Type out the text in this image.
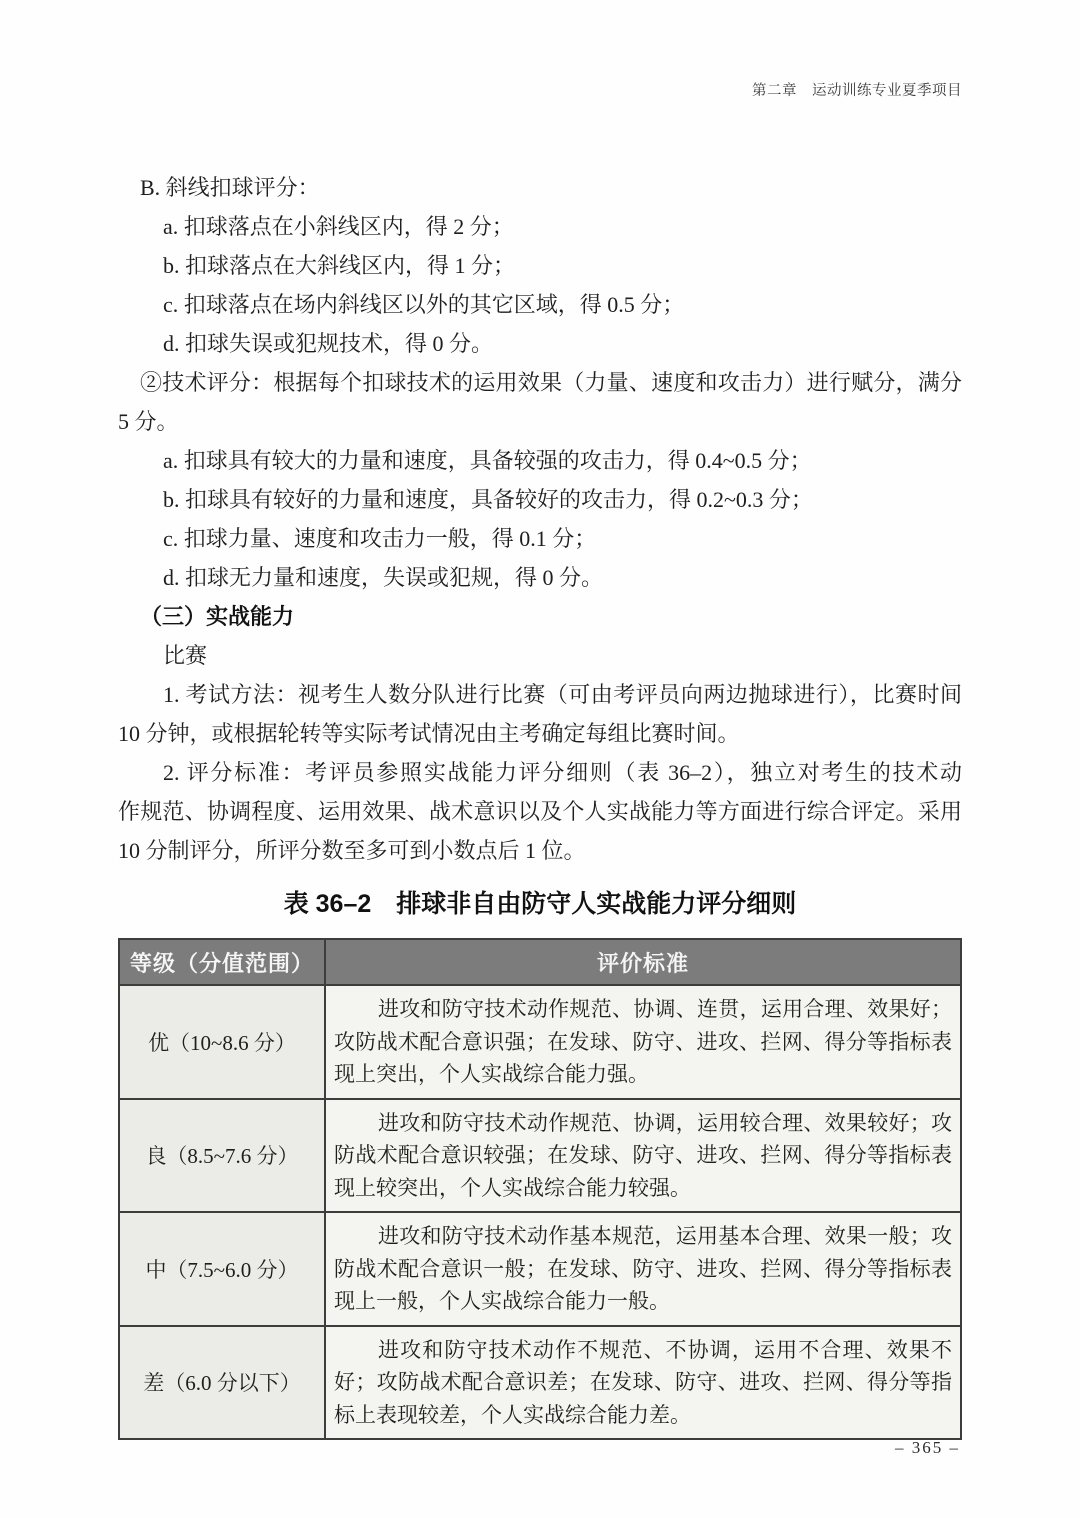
第二章　运动训练专业夏季项目
B. 斜线扣球评分：
a. 扣球落点在小斜线区内，得 2 分；
b. 扣球落点在大斜线区内，得 1 分；
c. 扣球落点在场内斜线区以外的其它区域，得 0.5 分；
d. 扣球失误或犯规技术，得 0 分。
②技术评分：根据每个扣球技术的运用效果（力量、速度和攻击力）进行赋分，满分
5 分。
a. 扣球具有较大的力量和速度，具备较强的攻击力，得 0.4~0.5 分；
b. 扣球具有较好的力量和速度，具备较好的攻击力，得 0.2~0.3 分；
c. 扣球力量、速度和攻击力一般，得 0.1 分；
d. 扣球无力量和速度，失误或犯规，得 0 分。
（三）实战能力
比赛
1. 考试方法：视考生人数分队进行比赛（可由考评员向两边抛球进行），比赛时间
10 分钟，或根据轮转等实际考试情况由主考确定每组比赛时间。
2. 评分标准：考评员参照实战能力评分细则（表 36–2），独立对考生的技术动
作规范、协调程度、运用效果、战术意识以及个人实战能力等方面进行综合评定。采用
10 分制评分，所评分数至多可到小数点后 1 位。
表 36–2　排球非自由防守人实战能力评分细则
等级（分值范围）	评价标准
优（10~8.6 分）	进攻和防守技术动作规范、协调、连贯，运用合理、效果好；攻防战术配合意识强；在发球、防守、进攻、拦网、得分等指标表现上突出，个人实战综合能力强。
良（8.5~7.6 分）	进攻和防守技术动作规范、协调，运用较合理、效果较好；攻防战术配合意识较强；在发球、防守、进攻、拦网、得分等指标表现上较突出，个人实战综合能力较强。
中（7.5~6.0 分）	进攻和防守技术动作基本规范，运用基本合理、效果一般；攻防战术配合意识一般；在发球、防守、进攻、拦网、得分等指标表现上一般，个人实战综合能力一般。
差（6.0 分以下）	进攻和防守技术动作不规范、不协调，运用不合理、效果不好；攻防战术配合意识差；在发球、防守、进攻、拦网、得分等指标上表现较差，个人实战综合能力差。
– 365 –
